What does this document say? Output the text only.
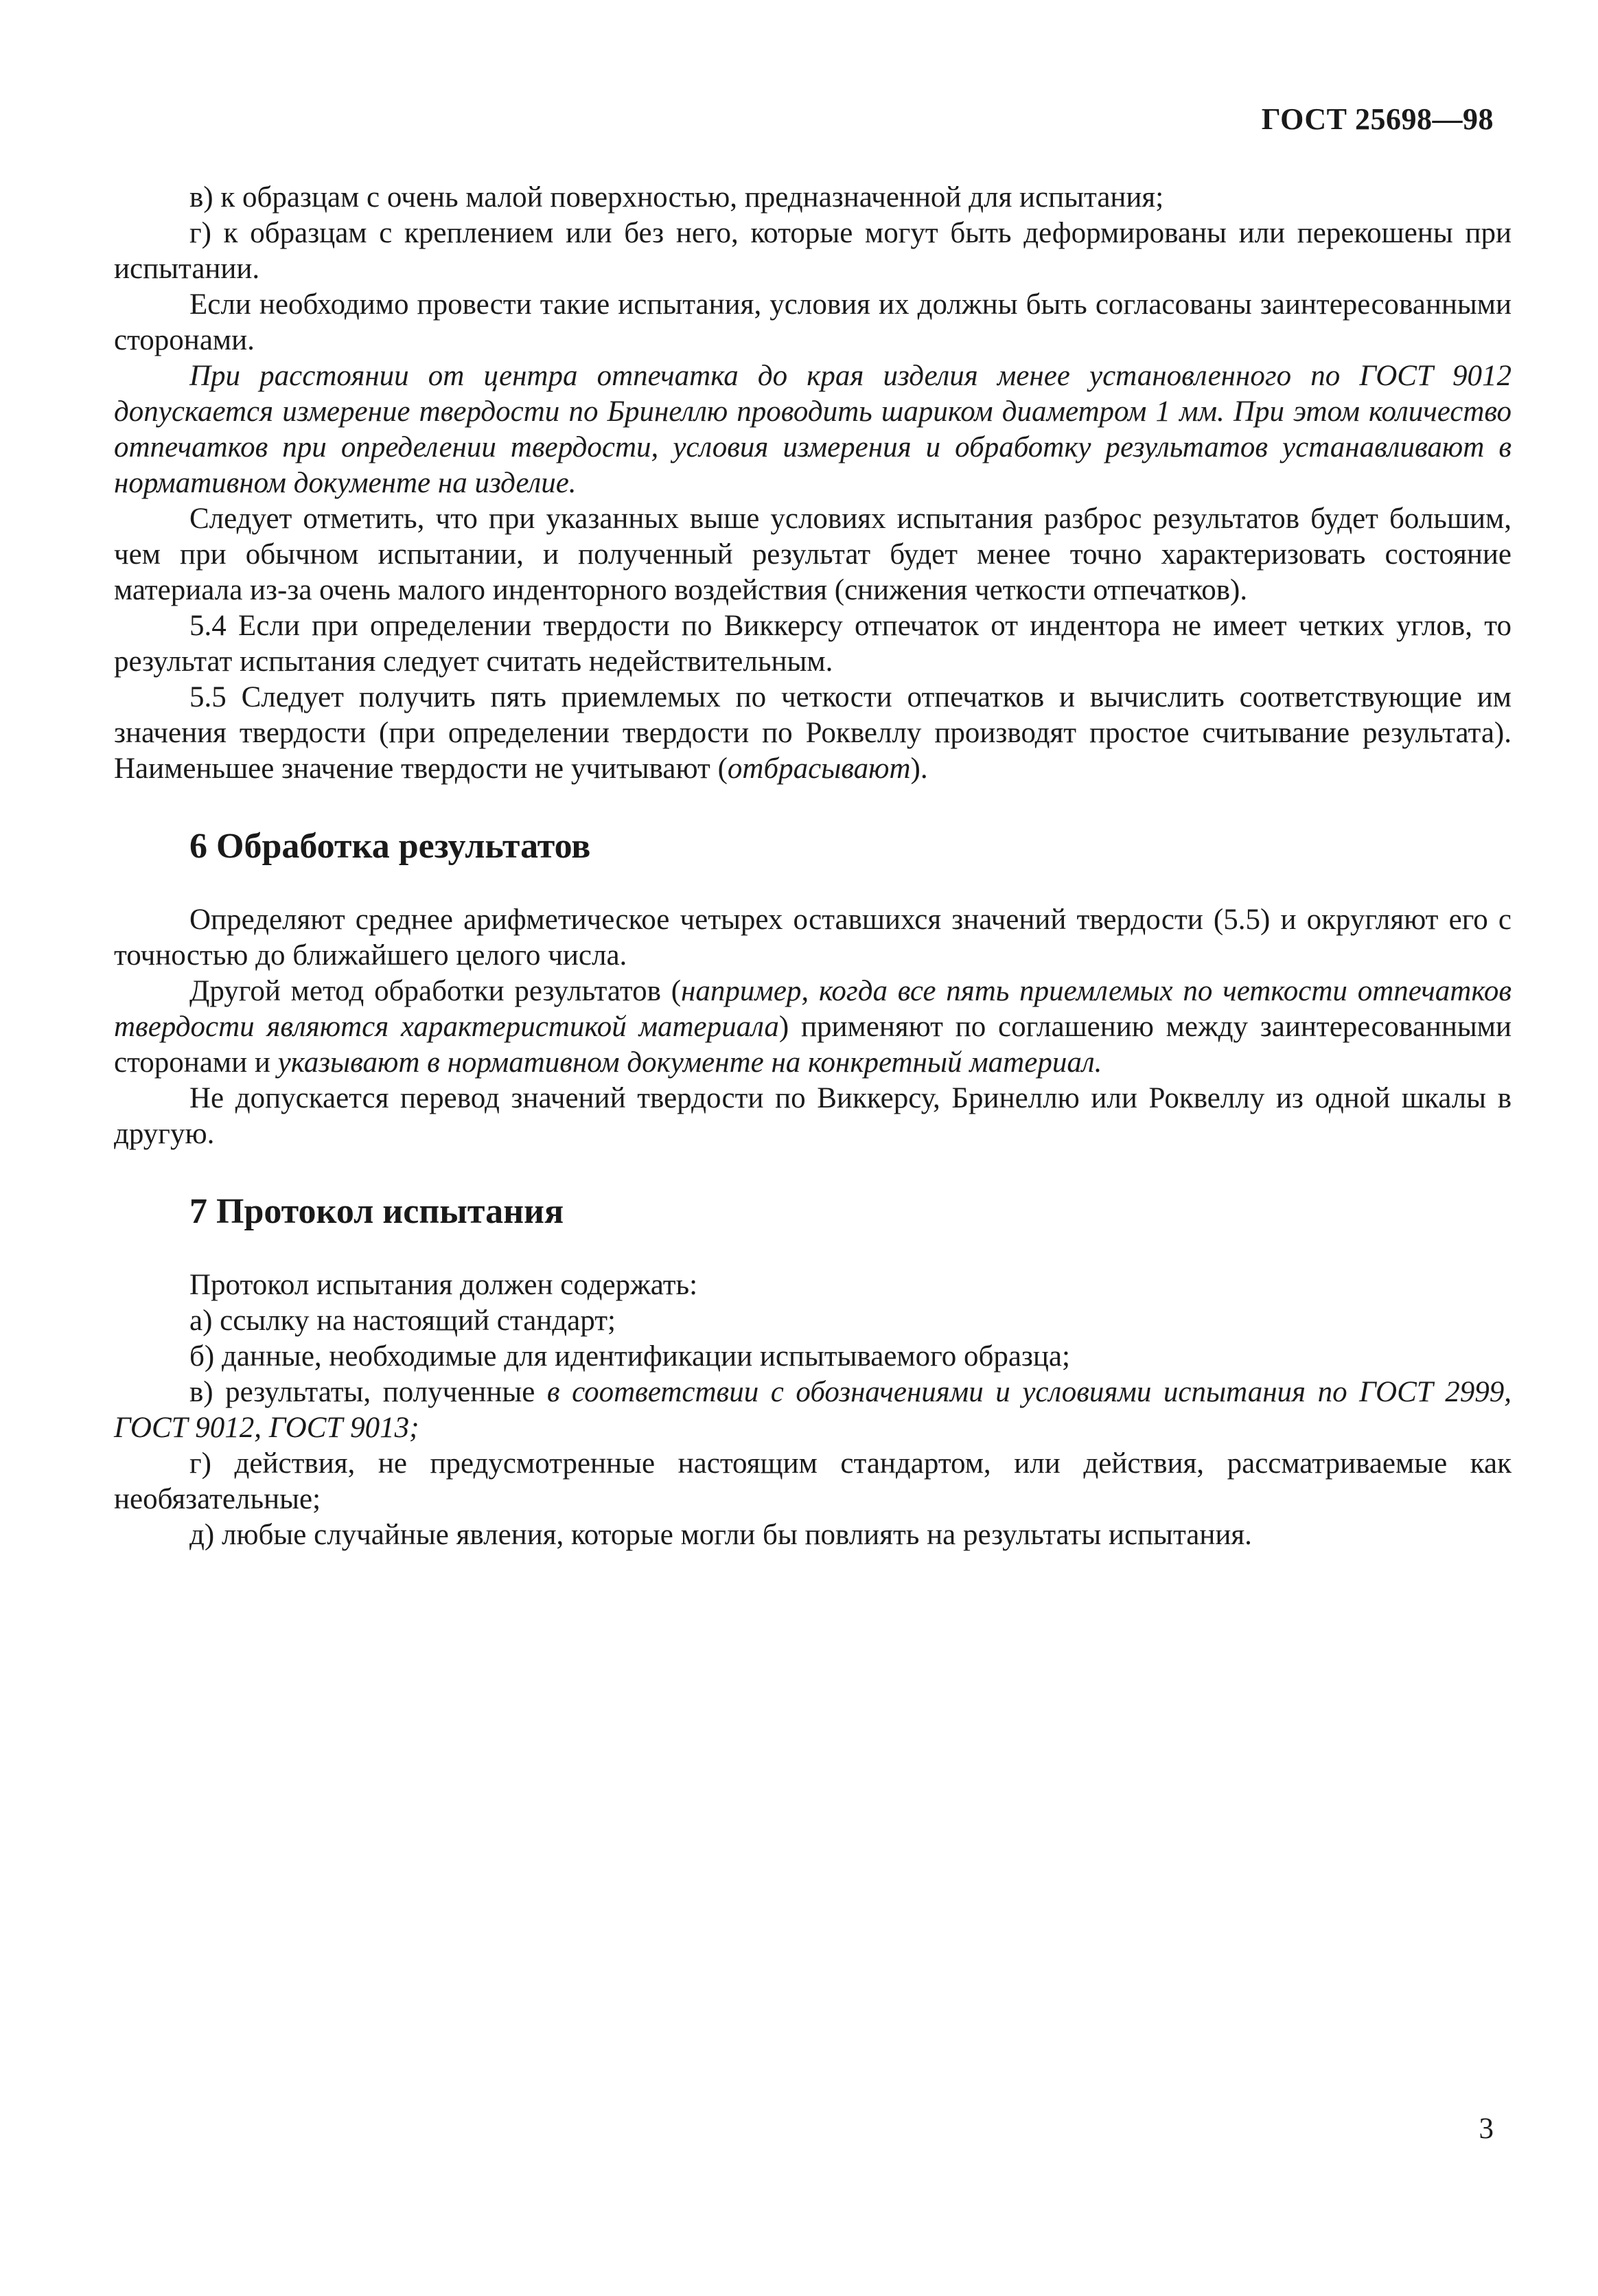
ГОСТ 25698—98

в) к образцам с очень малой поверхностью, предназначенной для испытания;

г) к образцам с креплением или без него, которые могут быть деформированы или перекошены при испытании.

Если необходимо провести такие испытания, условия их должны быть согласованы заинтересованными сторонами.

При расстоянии от центра отпечатка до края изделия менее установленного по ГОСТ 9012 допускается измерение твердости по Бринеллю проводить шариком диаметром 1 мм. При этом количество отпечатков при определении твердости, условия измерения и обработку результатов устанавливают в нормативном документе на изделие.

Следует отметить, что при указанных выше условиях испытания разброс результатов будет большим, чем при обычном испытании, и полученный результат будет менее точно характеризовать состояние материала из-за очень малого инденторного воздействия (снижения четкости отпечатков).

5.4 Если при определении твердости по Виккерсу отпечаток от индентора не имеет четких углов, то результат испытания следует считать недействительным.

5.5 Следует получить пять приемлемых по четкости отпечатков и вычислить соответствующие им значения твердости (при определении твердости по Роквеллу производят простое считывание результата). Наименьшее значение твердости не учитывают (отбрасывают).

6 Обработка результатов

Определяют среднее арифметическое четырех оставшихся значений твердости (5.5) и округляют его с точностью до ближайшего целого числа.

Другой метод обработки результатов (например, когда все пять приемлемых по четкости отпечатков твердости являются характеристикой материала) применяют по соглашению между заинтересованными сторонами и указывают в нормативном документе на конкретный материал.

Не допускается перевод значений твердости по Виккерсу, Бринеллю или Роквеллу из одной шкалы в другую.

7 Протокол испытания

Протокол испытания должен содержать:

а) ссылку на настоящий стандарт;

б) данные, необходимые для идентификации испытываемого образца;

в) результаты, полученные в соответствии с обозначениями и условиями испытания по ГОСТ 2999, ГОСТ 9012, ГОСТ 9013;

г) действия, не предусмотренные настоящим стандартом, или действия, рассматриваемые как необязательные;

д) любые случайные явления, которые могли бы повлиять на результаты испытания.

3
